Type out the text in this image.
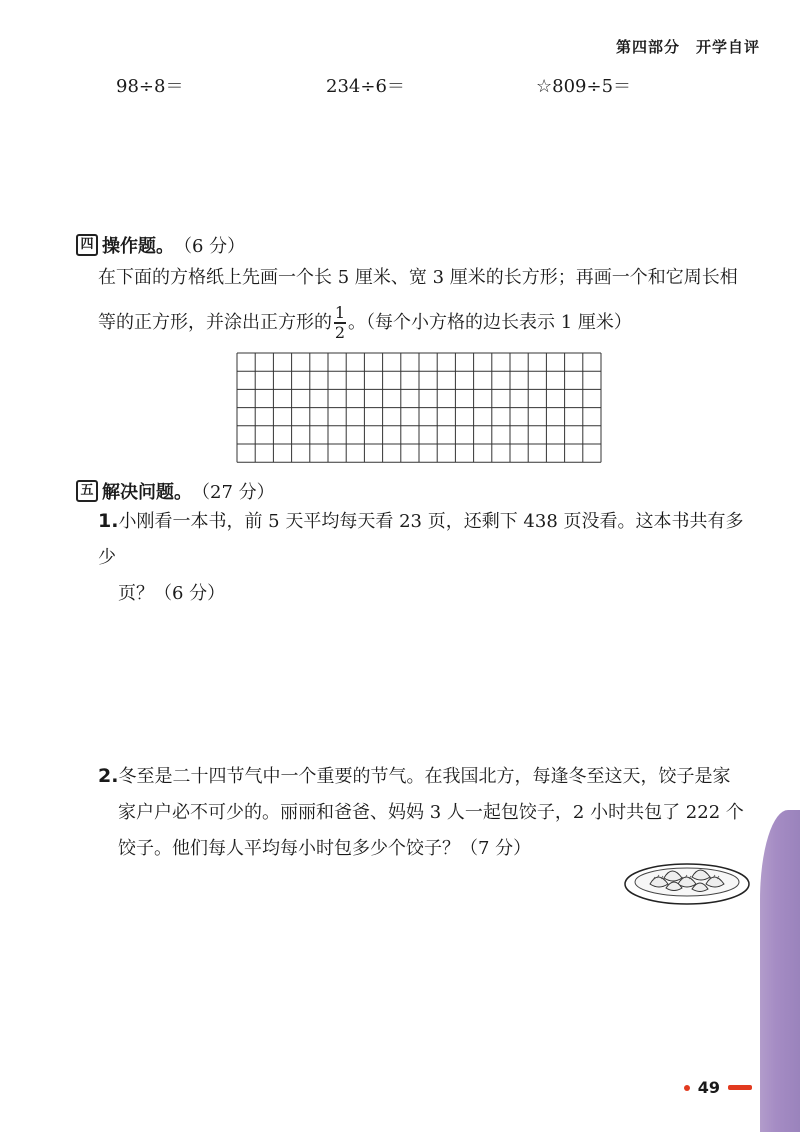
第四部分　开学自评
98÷8＝	234÷6＝	☆809÷5＝
四 操作题。 （6 分）
在下面的方格纸上先画一个长 5 厘米、宽 3 厘米的长方形；再画一个和它周长相
等的正方形，并涂出正方形的 $\frac{1}{2}$ 。（每个小方格的边长表示 1 厘米）
五 解决问题。 （27 分）
1.小刚看一本书，前 5 天平均每天看 23 页，还剩下 438 页没看。这本书共有多少
页？（6 分）
2.冬至是二十四节气中一个重要的节气。在我国北方，每逢冬至这天，饺子是家
家户户必不可少的。丽丽和爸爸、妈妈 3 人一起包饺子，2 小时共包了 222 个
饺子。他们每人平均每小时包多少个饺子？（7 分）
49
